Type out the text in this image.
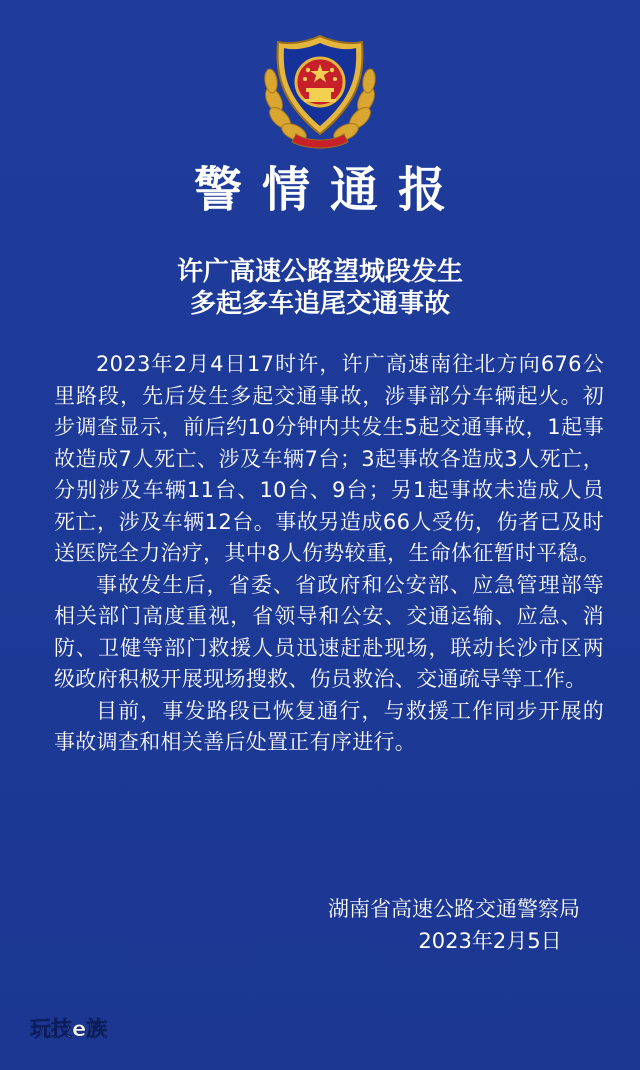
警情通报
许广高速公路望城段发生
多起多车追尾交通事故

2023年2月4日17时许，许广高速南往北方向676公里路段，先后发生多起交通事故，涉事部分车辆起火。初步调查显示，前后约10分钟内共发生5起交通事故，1起事故造成7人死亡、涉及车辆7台；3起事故各造成3人死亡，分别涉及车辆11台、10台、9台；另1起事故未造成人员死亡，涉及车辆12台。事故另造成66人受伤，伤者已及时送医院全力治疗，其中8人伤势较重，生命体征暂时平稳。

事故发生后，省委、省政府和公安部、应急管理部等相关部门高度重视，省领导和公安、交通运输、应急、消防、卫健等部门救援人员迅速赶赴现场，联动长沙市区两级政府积极开展现场搜救、伤员救治、交通疏导等工作。

目前，事发路段已恢复通行，与救援工作同步开展的事故调查和相关善后处置正有序进行。

湖南省高速公路交通警察局
2023年2月5日
玩技e族
